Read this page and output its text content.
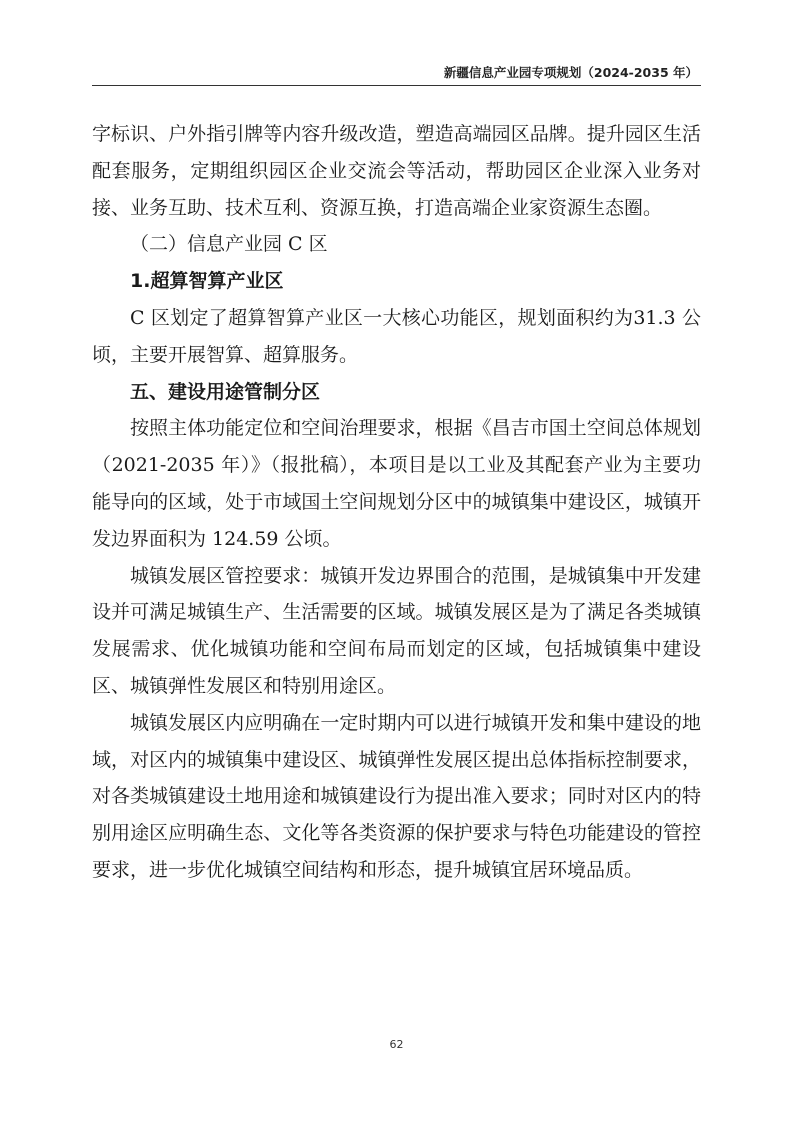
新疆信息产业园专项规划（2024-2035 年）

字标识、户外指引牌等内容升级改造，塑造高端园区品牌。提升园区生活配套服务，定期组织园区企业交流会等活动，帮助园区企业深入业务对接、业务互助、技术互利、资源互换，打造高端企业家资源生态圈。

（二）信息产业园 C 区

1.超算智算产业区

C 区划定了超算智算产业区一大核心功能区，规划面积约为31.3 公顷，主要开展智算、超算服务。

五、建设用途管制分区

按照主体功能定位和空间治理要求，根据《昌吉市国土空间总体规划（2021-2035 年）》（报批稿），本项目是以工业及其配套产业为主要功能导向的区域，处于市域国土空间规划分区中的城镇集中建设区，城镇开发边界面积为 124.59 公顷。

城镇发展区管控要求：城镇开发边界围合的范围，是城镇集中开发建设并可满足城镇生产、生活需要的区域。城镇发展区是为了满足各类城镇发展需求、优化城镇功能和空间布局而划定的区域，包括城镇集中建设区、城镇弹性发展区和特别用途区。

城镇发展区内应明确在一定时期内可以进行城镇开发和集中建设的地域，对区内的城镇集中建设区、城镇弹性发展区提出总体指标控制要求，对各类城镇建设土地用途和城镇建设行为提出准入要求；同时对区内的特别用途区应明确生态、文化等各类资源的保护要求与特色功能建设的管控要求，进一步优化城镇空间结构和形态，提升城镇宜居环境品质。

62
